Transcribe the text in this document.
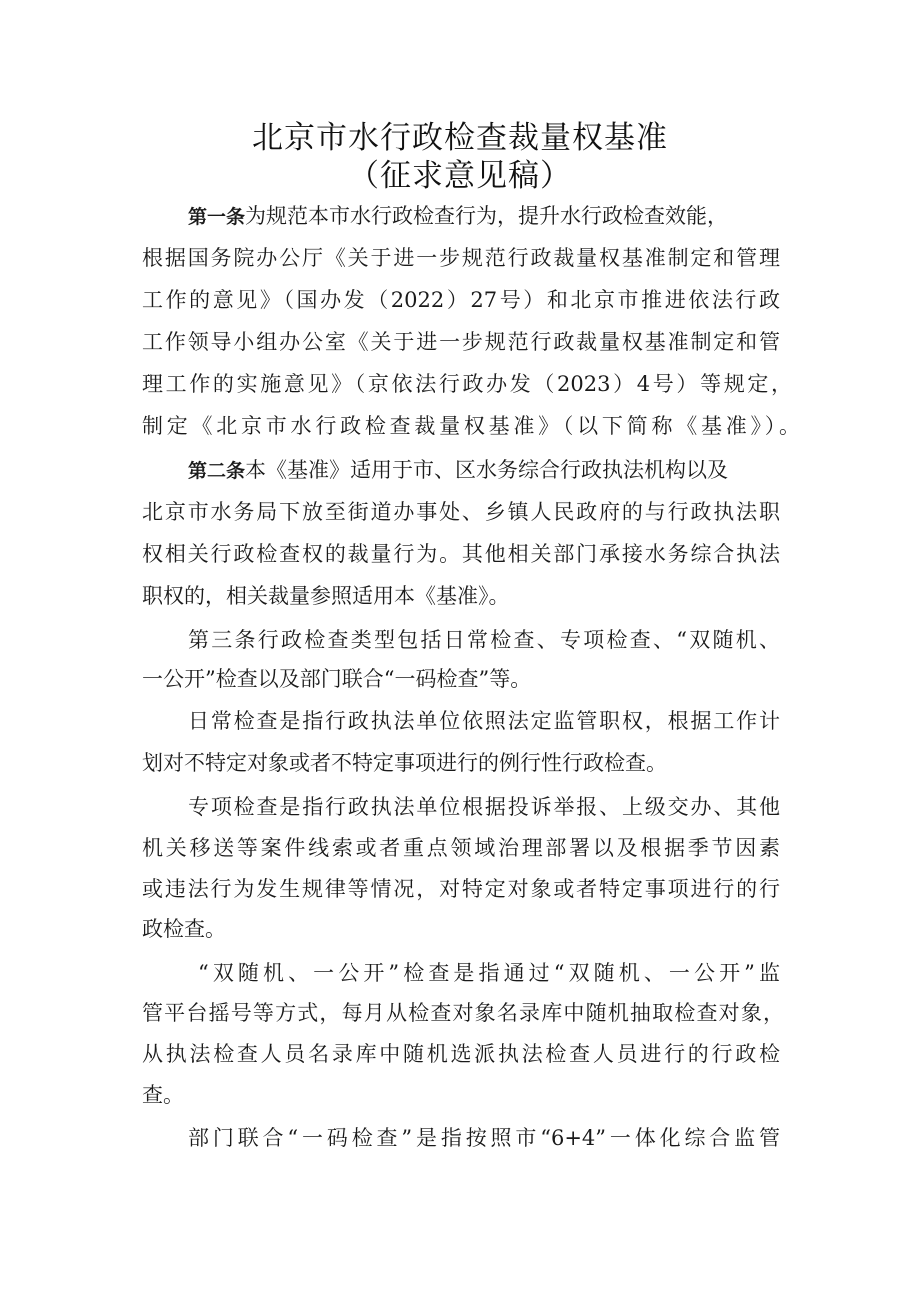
北京市水行政检查裁量权基准
（征求意见稿）
第一条为规范本市水行政检查行为，提升水行政检查效能，
根据国务院办公厅《关于进一步规范行政裁量权基准制定和管理
工作的意见》（国办发（2022）27号）和北京市推进依法行政
工作领导小组办公室《关于进一步规范行政裁量权基准制定和管
理工作的实施意见》（京依法行政办发（2023）4号）等规定，
制定《北京市水行政检查裁量权基准》（以下简称《基准》）。
第二条本《基准》适用于市、区水务综合行政执法机构以及
北京市水务局下放至街道办事处、乡镇人民政府的与行政执法职
权相关行政检查权的裁量行为。其他相关部门承接水务综合执法
职权的，相关裁量参照适用本《基准》。
第三条行政检查类型包括日常检查、专项检查、“双随机、
一公开”检查以及部门联合“一码检查”等。
日常检查是指行政执法单位依照法定监管职权，根据工作计
划对不特定对象或者不特定事项进行的例行性行政检查。
专项检查是指行政执法单位根据投诉举报、上级交办、其他
机关移送等案件线索或者重点领域治理部署以及根据季节因素
或违法行为发生规律等情况，对特定对象或者特定事项进行的行
政检查。
“双随机、一公开”检查是指通过“双随机、一公开”监
管平台摇号等方式，每月从检查对象名录库中随机抽取检查对象，
从执法检查人员名录库中随机选派执法检查人员进行的行政检
查。
部门联合“一码检查”是指按照市“6+4”一体化综合监管
